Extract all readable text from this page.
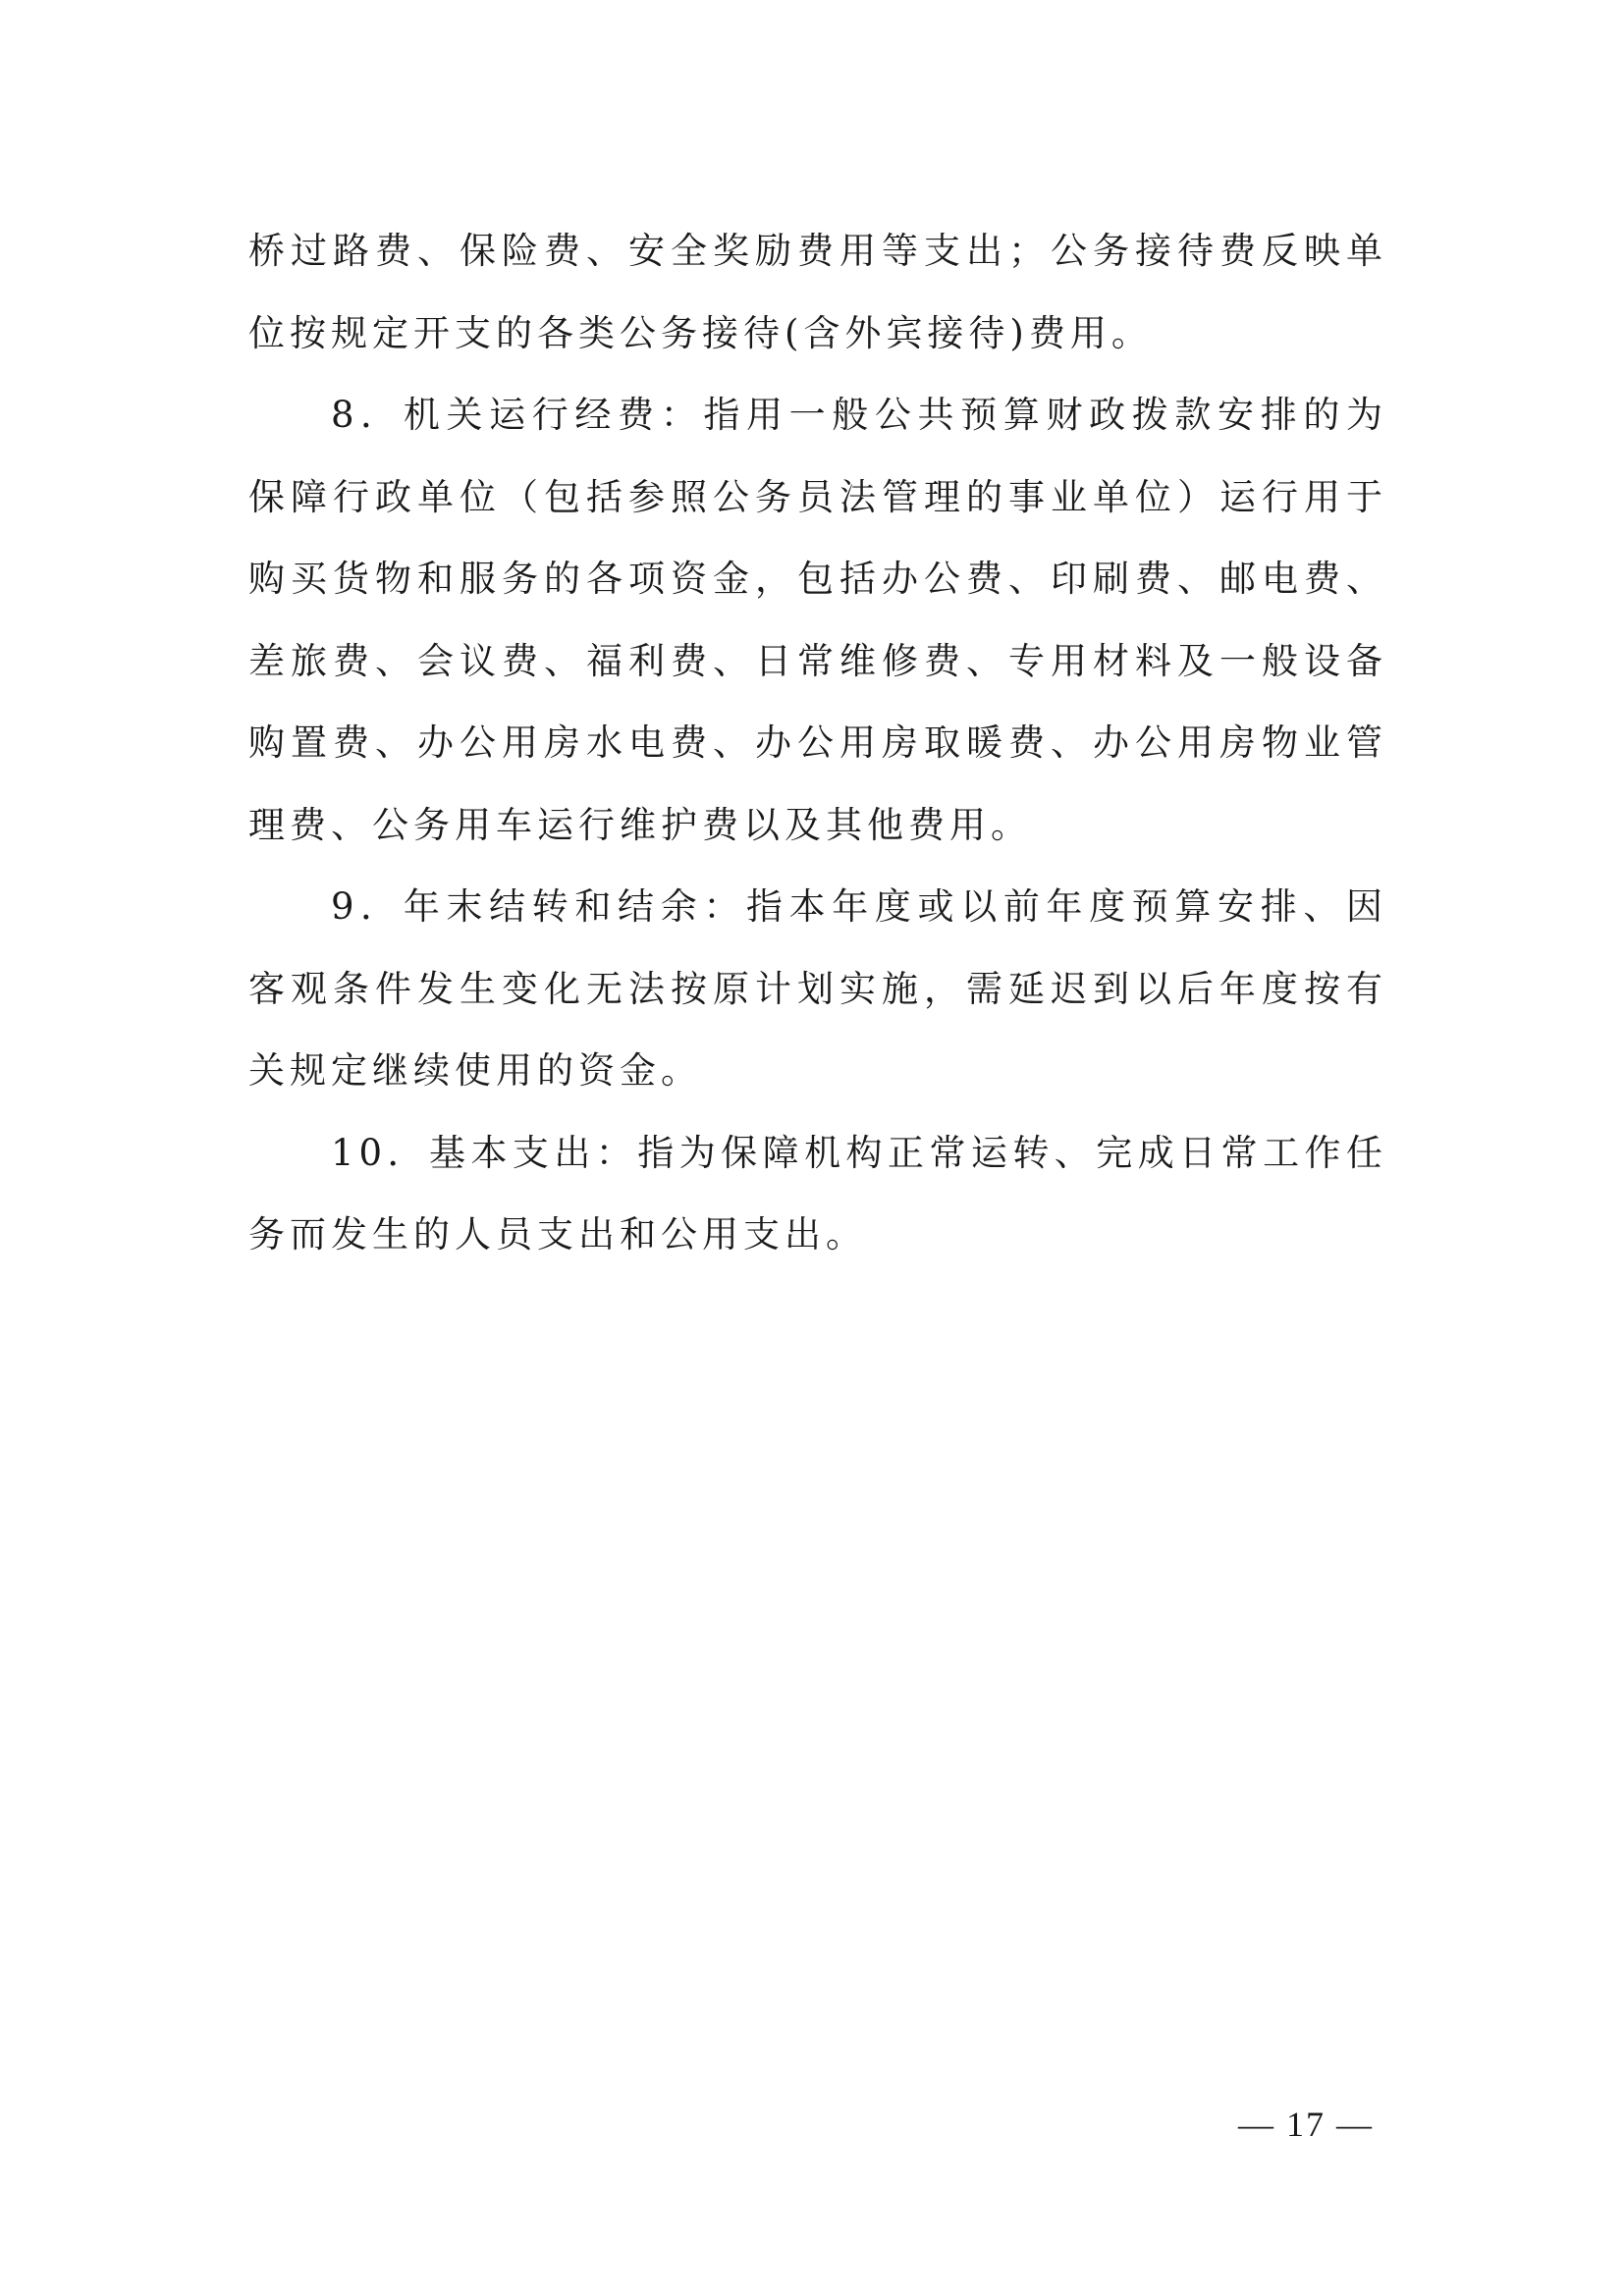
桥过路费、保险费、安全奖励费用等支出；公务接待费反映单位按规定开支的各类公务接待(含外宾接待)费用。

8．机关运行经费：指用一般公共预算财政拨款安排的为保障行政单位（包括参照公务员法管理的事业单位）运行用于购买货物和服务的各项资金，包括办公费、印刷费、邮电费、差旅费、会议费、福利费、日常维修费、专用材料及一般设备购置费、办公用房水电费、办公用房取暖费、办公用房物业管理费、公务用车运行维护费以及其他费用。

9．年末结转和结余：指本年度或以前年度预算安排、因客观条件发生变化无法按原计划实施，需延迟到以后年度按有关规定继续使用的资金。

10．基本支出：指为保障机构正常运转、完成日常工作任务而发生的人员支出和公用支出。

— 17 —
